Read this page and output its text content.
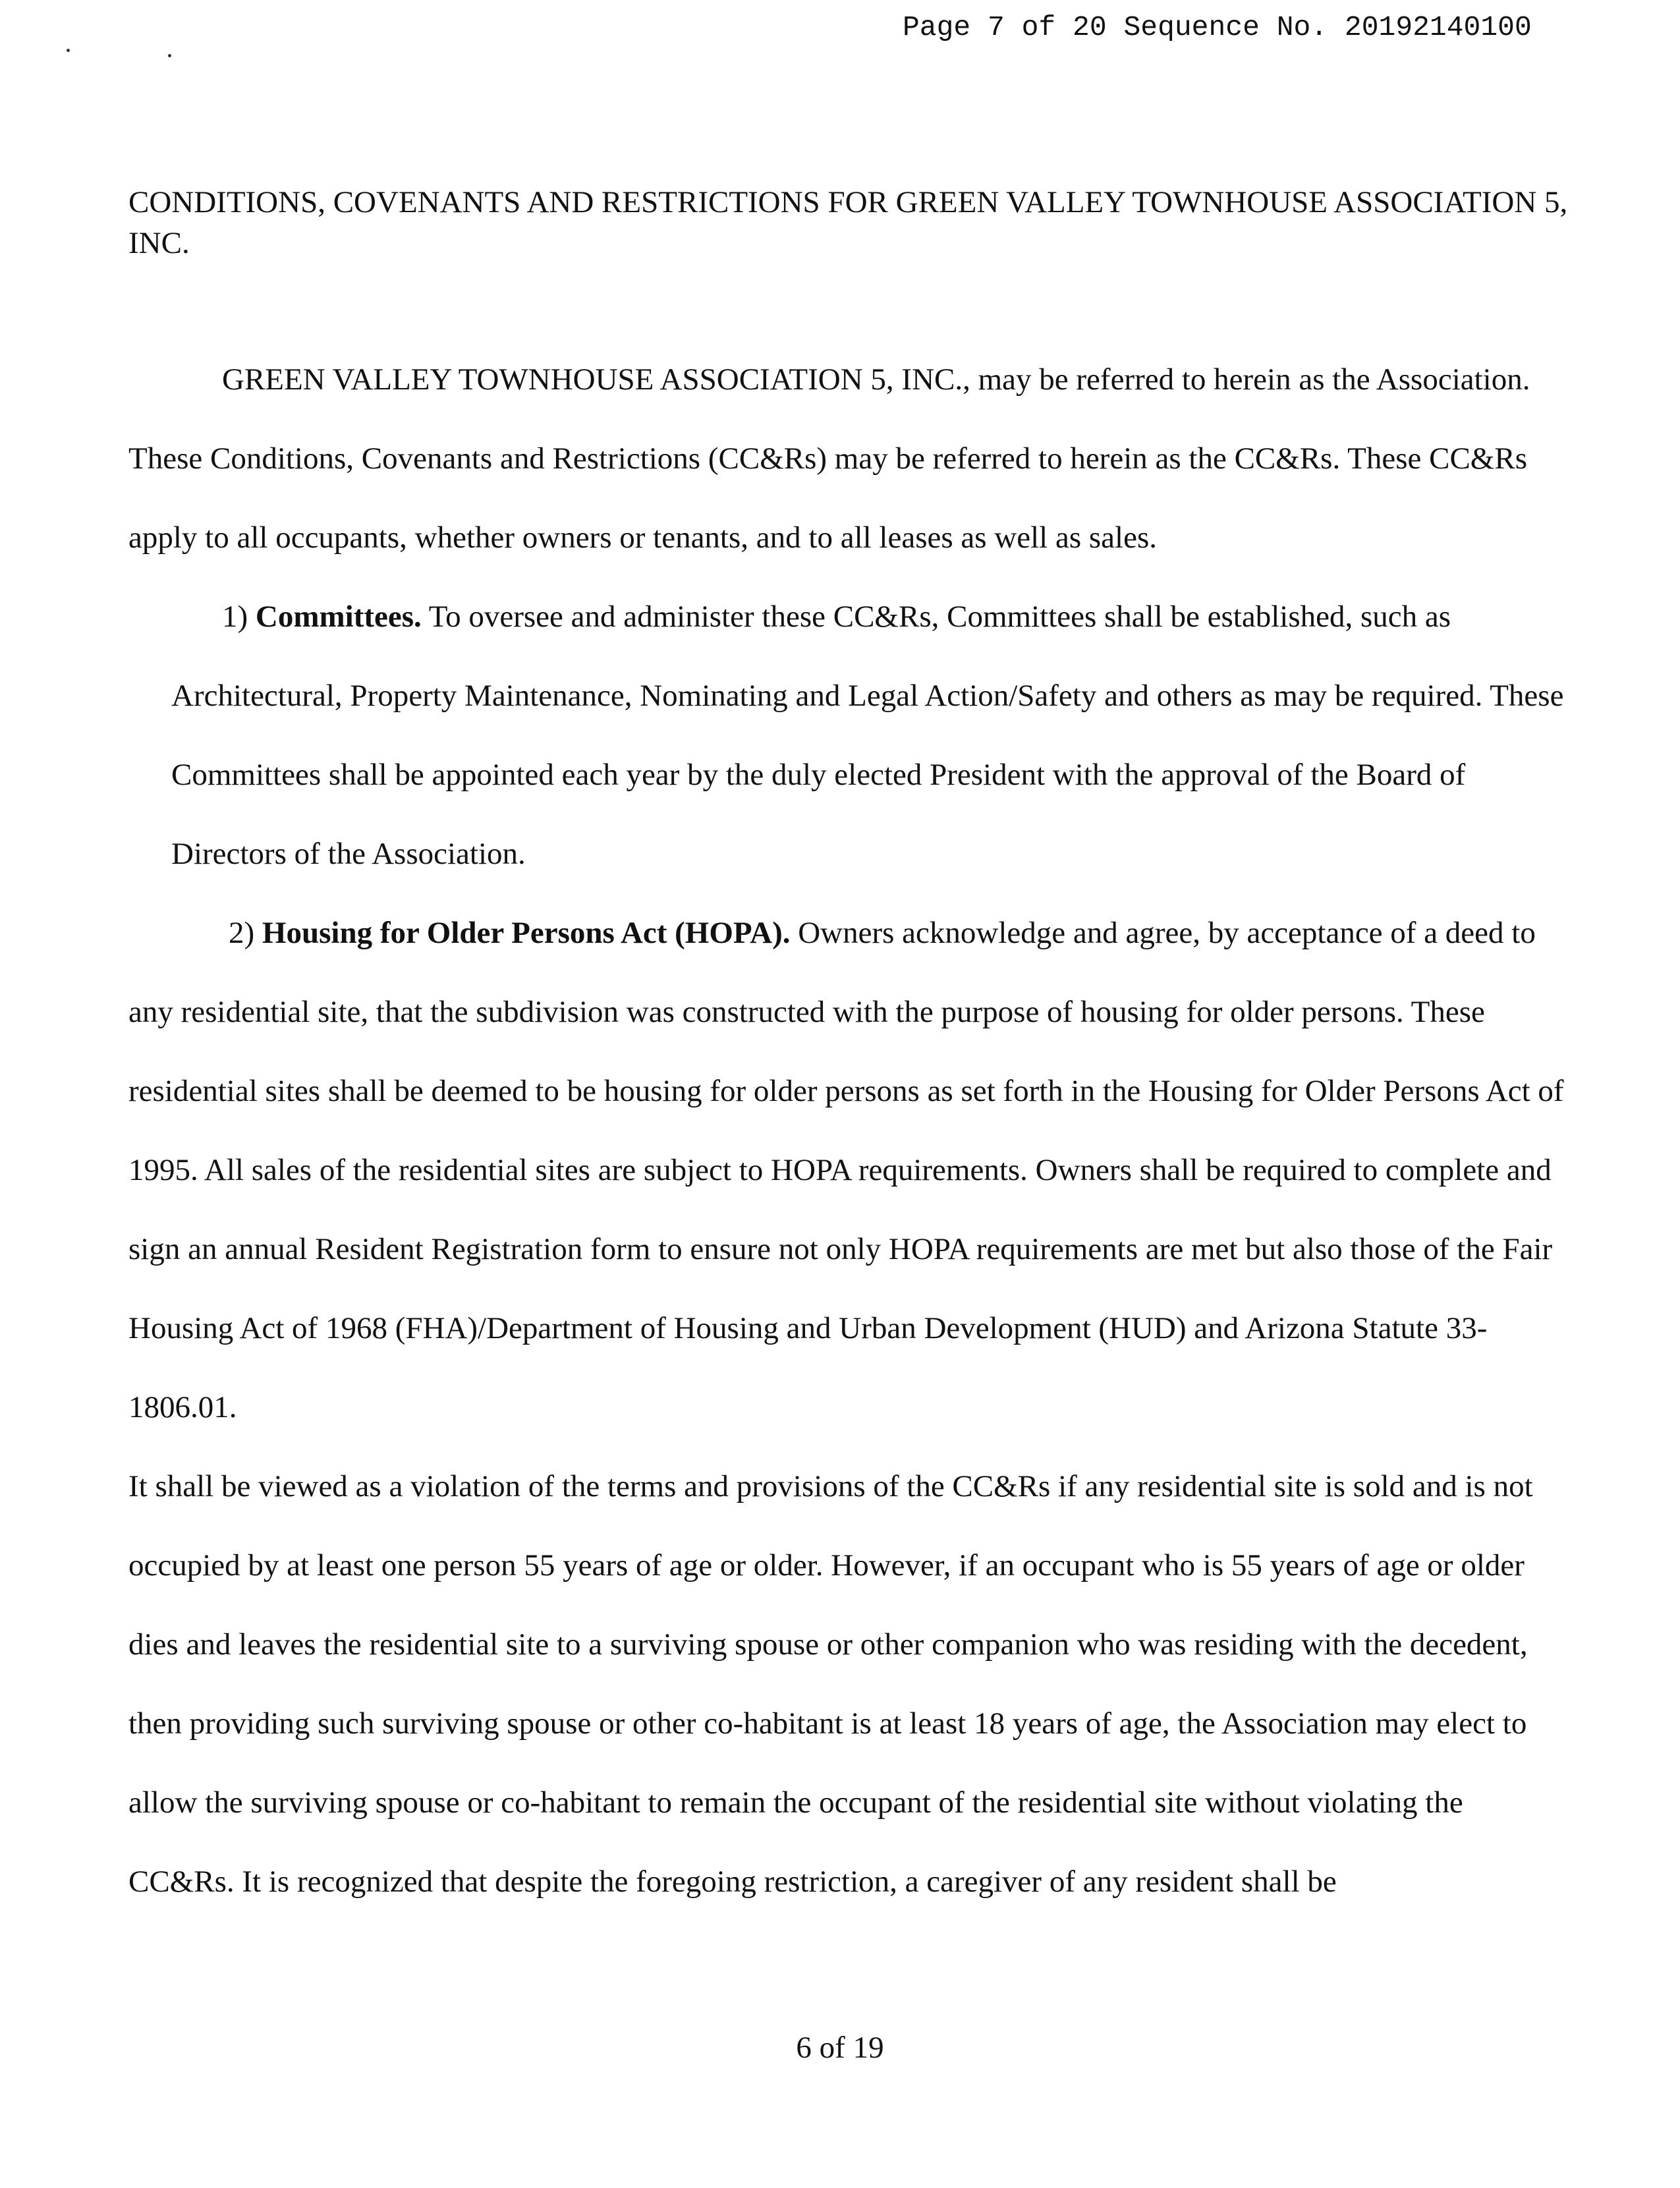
Page 7 of 20 Sequence No. 20192140100
CONDITIONS, COVENANTS AND RESTRICTIONS FOR GREEN VALLEY TOWNHOUSE ASSOCIATION 5, INC.

GREEN VALLEY TOWNHOUSE ASSOCIATION 5, INC., may be referred to herein as the Association. These Conditions, Covenants and Restrictions (CC&Rs) may be referred to herein as the CC&Rs. These CC&Rs apply to all occupants, whether owners or tenants, and to all leases as well as sales.

1) Committees. To oversee and administer these CC&Rs, Committees shall be established, such as Architectural, Property Maintenance, Nominating and Legal Action/Safety and others as may be required. These Committees shall be appointed each year by the duly elected President with the approval of the Board of Directors of the Association.

2) Housing for Older Persons Act (HOPA). Owners acknowledge and agree, by acceptance of a deed to any residential site, that the subdivision was constructed with the purpose of housing for older persons. These residential sites shall be deemed to be housing for older persons as set forth in the Housing for Older Persons Act of 1995. All sales of the residential sites are subject to HOPA requirements. Owners shall be required to complete and sign an annual Resident Registration form to ensure not only HOPA requirements are met but also those of the Fair Housing Act of 1968 (FHA)/Department of Housing and Urban Development (HUD) and Arizona Statute 33-1806.01.

It shall be viewed as a violation of the terms and provisions of the CC&Rs if any residential site is sold and is not occupied by at least one person 55 years of age or older. However, if an occupant who is 55 years of age or older dies and leaves the residential site to a surviving spouse or other companion who was residing with the decedent, then providing such surviving spouse or other co-habitant is at least 18 years of age, the Association may elect to allow the surviving spouse or co-habitant to remain the occupant of the residential site without violating the CC&Rs. It is recognized that despite the foregoing restriction, a caregiver of any resident shall be

6 of 19
